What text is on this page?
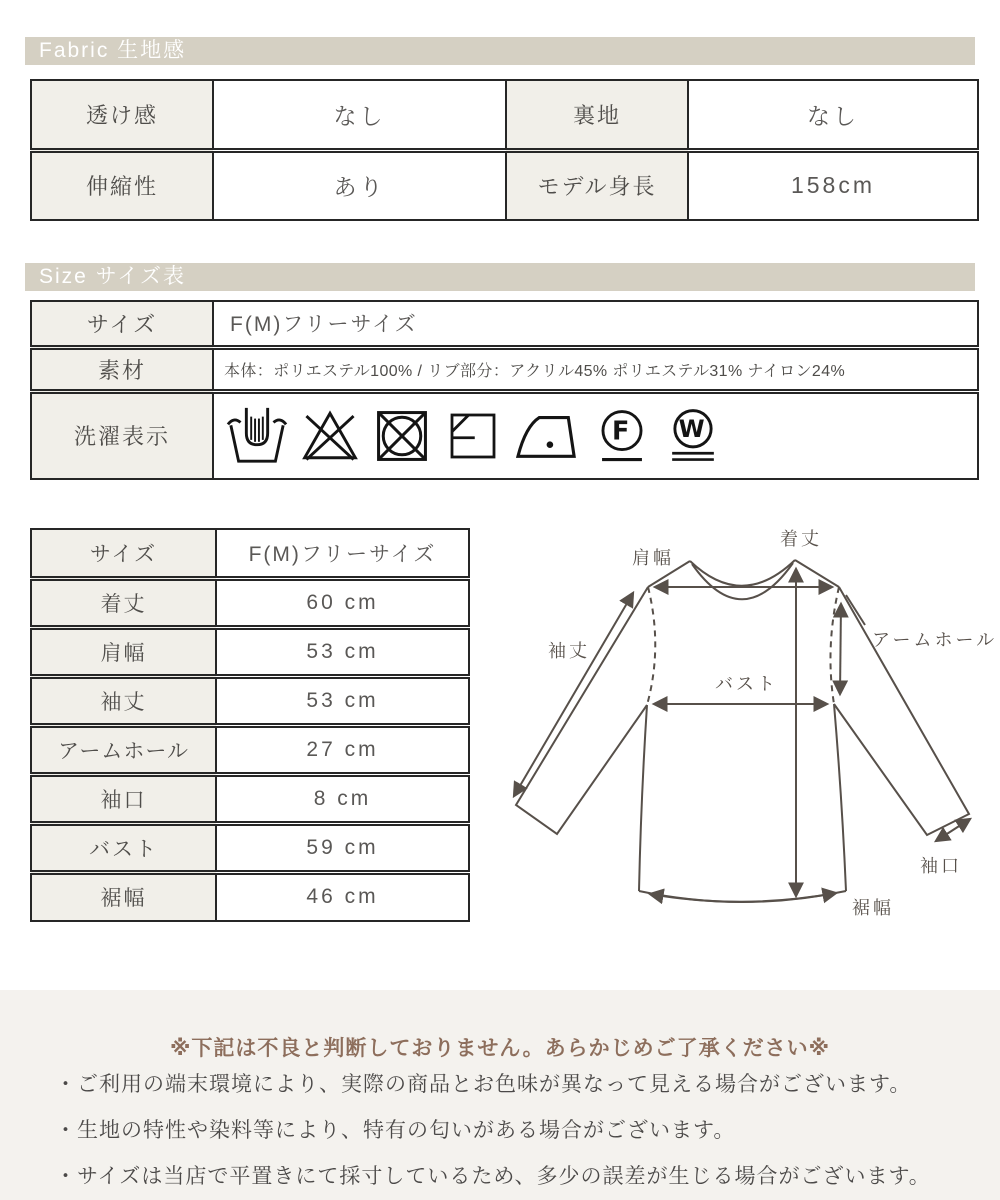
Fabric 生地感
透け感	なし	裏地	なし
伸縮性	あり	モデル身長	158cm
Size サイズ表
サイズ	F(M)フリーサイズ
素材	本体：ポリエステル100% / リブ部分：アクリル45% ポリエステル31% ナイロン24%
洗濯表示	F W
サイズ	F(M)フリーサイズ
着丈	60 cm
肩幅	53 cm
袖丈	53 cm
アームホール	27 cm
袖口	8 cm
バスト	59 cm
裾幅	46 cm
着丈
肩幅
袖丈
アームホール
バスト
袖口
裾幅
※下記は不良と判断しておりません。あらかじめご了承ください※
・ご利用の端末環境により、実際の商品とお色味が異なって見える場合がございます。
・生地の特性や染料等により、特有の匂いがある場合がございます。
・サイズは当店で平置きにて採寸しているため、多少の誤差が生じる場合がございます。
